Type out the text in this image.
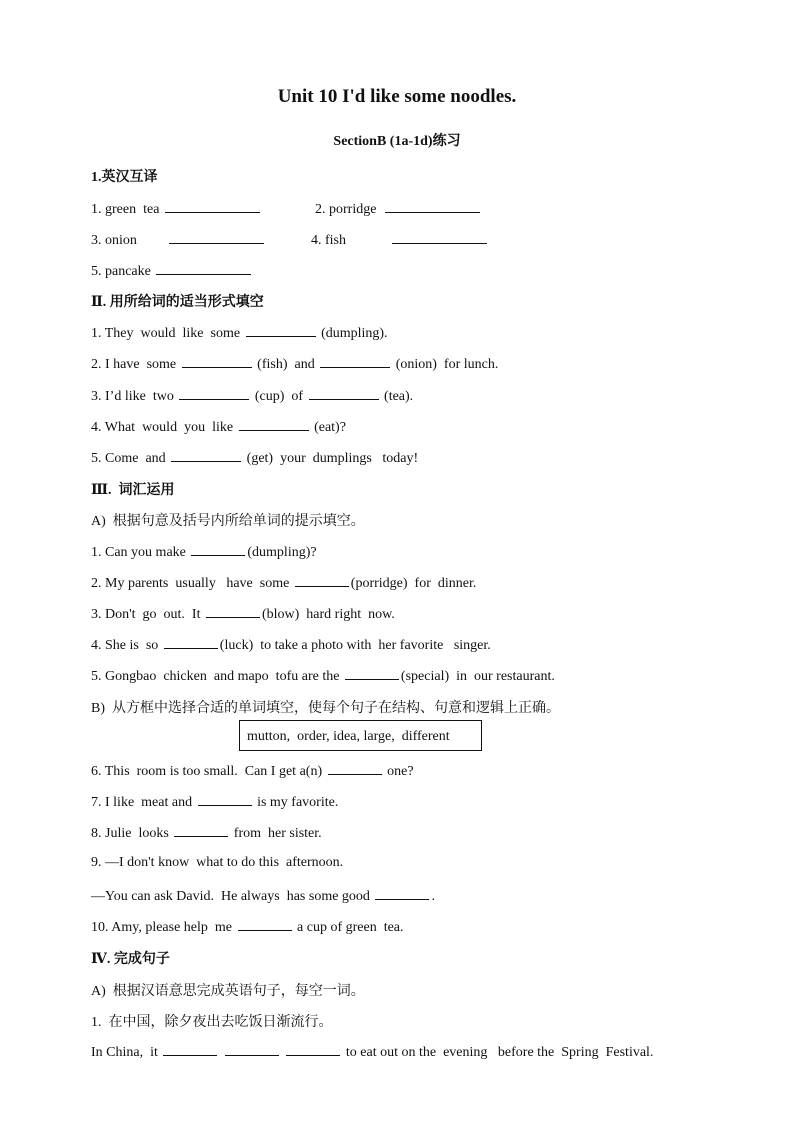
Unit 10 I'd like some noodles.
SectionB (1a-1d)练习
1.英汉互译
1. green  tea	2. porridge
3. onion	4. fish
5. pancake
Ⅱ. 用所给词的适当形式填空
1. They  would  like  some	(dumpling).
2. I have  some	(fish)  and	(onion)  for lunch.
3. I’d like  two	(cup)  of	(tea).
4. What  would  you  like	(eat)?
5. Come  and	(get)  your  dumplings   today!
Ⅲ.  词汇运用
A)  根据句意及括号内所给单词的提示填空。
1. Can you make	(dumpling)?
2. My parents  usually   have  some	(porridge)  for  dinner.
3. Don't  go  out.  It	(blow)  hard right  now.
4. She is  so	(luck)  to take a photo with  her favorite   singer.
5. Gongbao  chicken  and mapo  tofu are the	(special)  in  our restaurant.
B)  从方框中选择合适的单词填空，使每个句子在结构、句意和逻辑上正确。
mutton,  order, idea, large,  different
6. This  room is too small.  Can I get a(n)	one?
7. I like  meat and	is my favorite.
8. Julie  looks	from  her sister.
9. —I don't know  what to do this  afternoon.
—You can ask David.  He always  has some good	.
10. Amy, please help  me	a cup of green  tea.
Ⅳ. 完成句子
A)  根据汉语意思完成英语句子，每空一词。
1.  在中国，除夕夜出去吃饭日渐流行。
In China,  it	to eat out on the  evening   before the  Spring  Festival.
